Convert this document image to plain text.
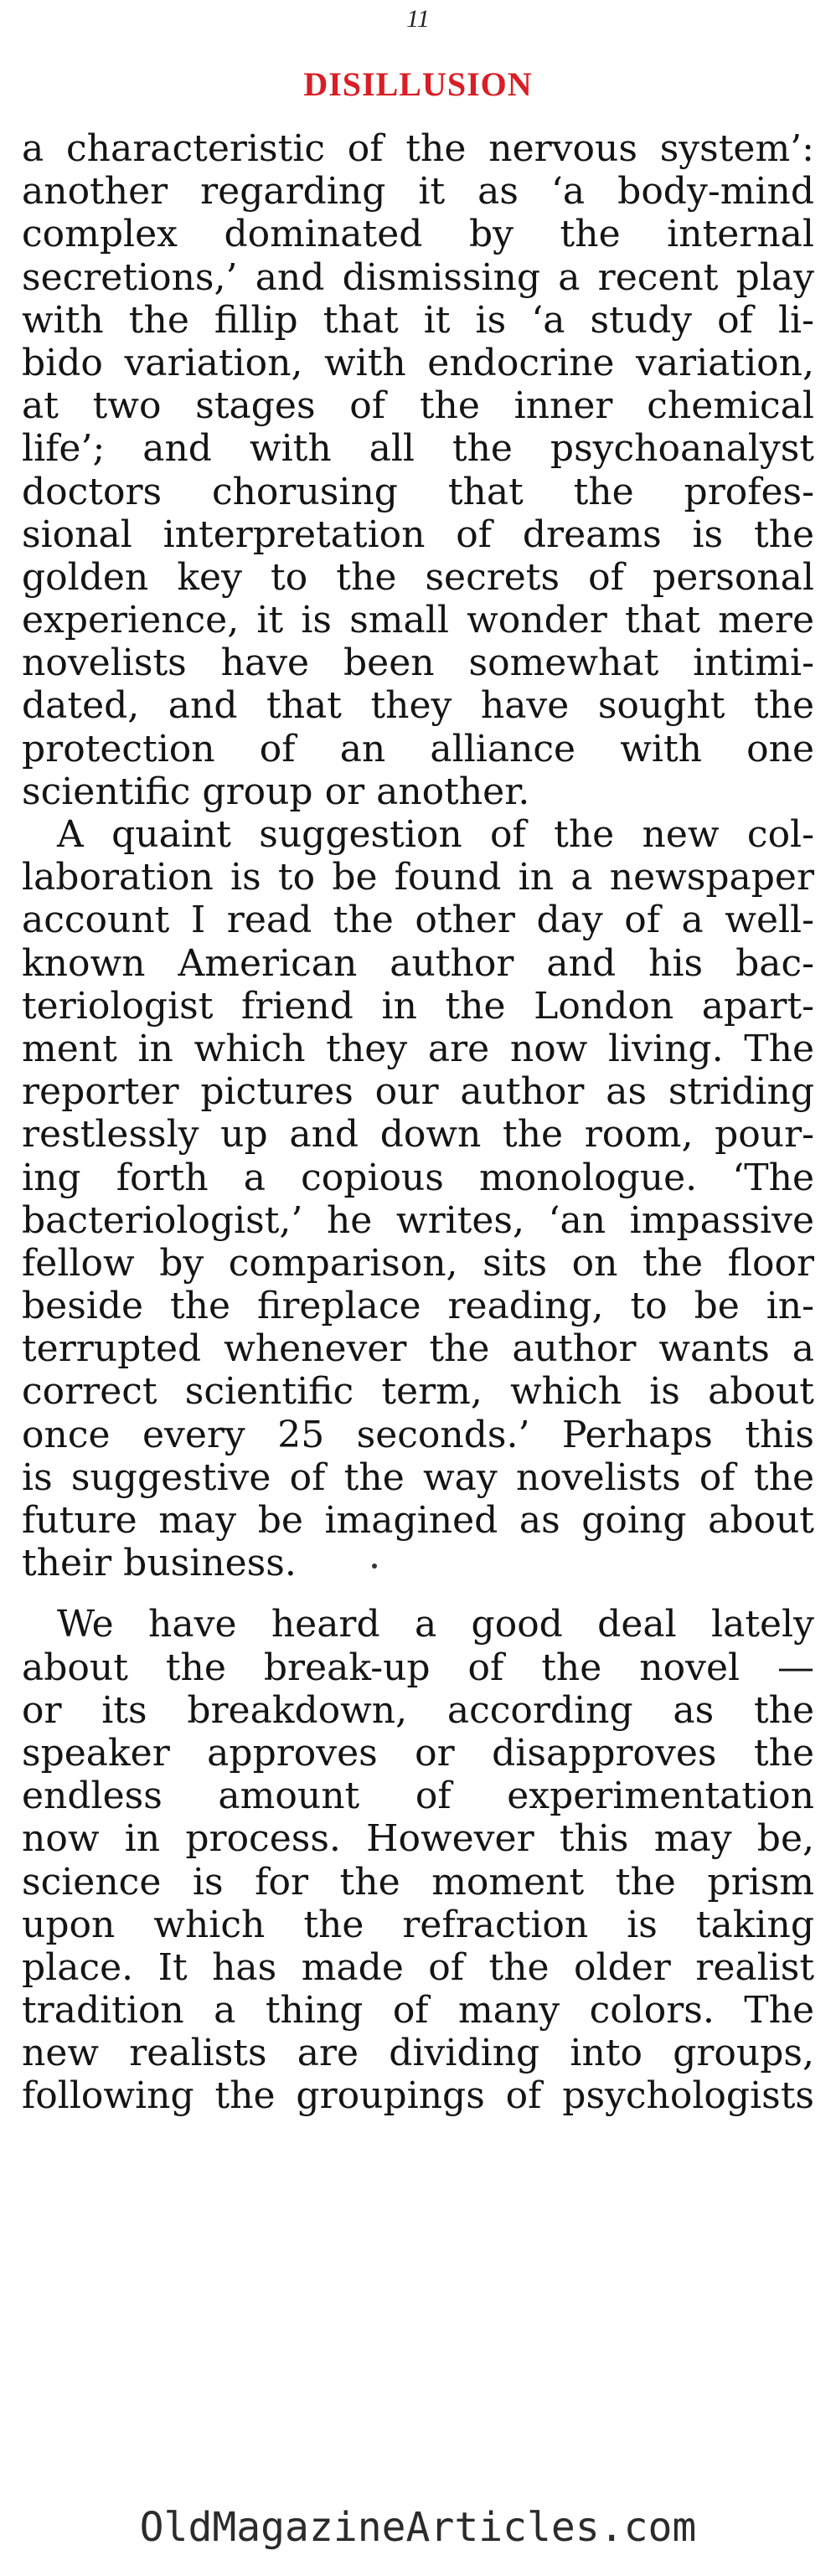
11
DISILLUSION
a characteristic of the nervous system’:
another regarding it as ‘a body-mind
complex dominated by the internal
secretions,’ and dismissing a recent play
with the fillip that it is ‘a study of li-
bido variation, with endocrine variation,
at two stages of the inner chemical
life’; and with all the psychoanalyst
doctors chorusing that the profes-
sional interpretation of dreams is the
golden key to the secrets of personal
experience, it is small wonder that mere
novelists have been somewhat intimi-
dated, and that they have sought the
protection of an alliance with one
scientific group or another.
A quaint suggestion of the new col-
laboration is to be found in a newspaper
account I read the other day of a well-
known American author and his bac-
teriologist friend in the London apart-
ment in which they are now living. The
reporter pictures our author as striding
restlessly up and down the room, pour-
ing forth a copious monologue. ‘The
bacteriologist,’ he writes, ‘an impassive
fellow by comparison, sits on the floor
beside the fireplace reading, to be in-
terrupted whenever the author wants a
correct scientific term, which is about
once every 25 seconds.’ Perhaps this
is suggestive of the way novelists of the
future may be imagined as going about
their business.
We have heard a good deal lately
about the break-up of the novel —
or its breakdown, according as the
speaker approves or disapproves the
endless amount of experimentation
now in process. However this may be,
science is for the moment the prism
upon which the refraction is taking
place. It has made of the older realist
tradition a thing of many colors. The
new realists are dividing into groups,
following the groupings of psychologists
OldMagazineArticles.com
